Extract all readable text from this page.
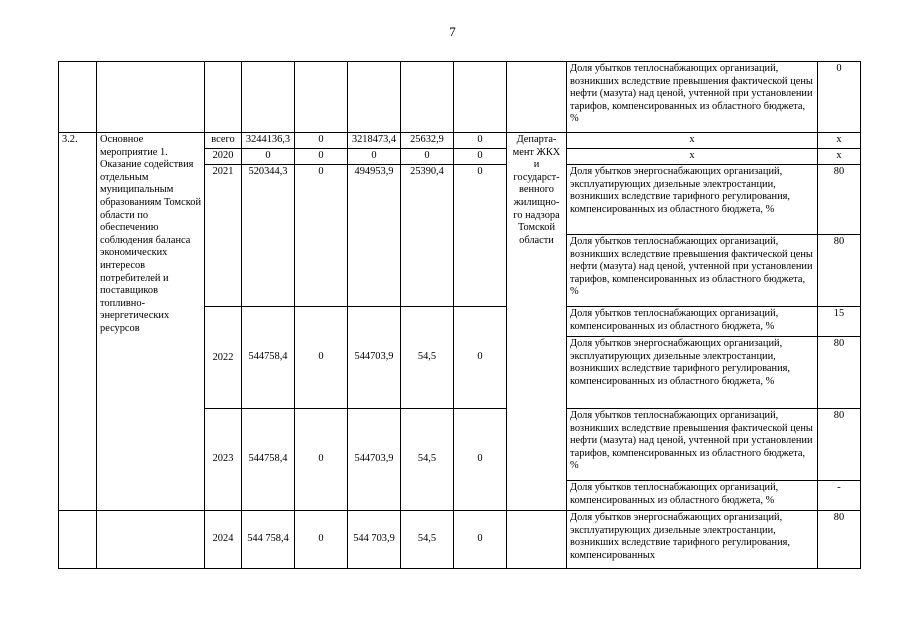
7
									Доля убытков теплоснабжающих организаций, возникших вследствие превышения фактической цены нефти (мазута) над ценой, учтенной при установлении тарифов, компенсированных из областного бюджета, %	0
3.2.	Основное мероприятие 1. Оказание содействия отдельным муниципальным образованиям Томской области по обеспечению соблюдения баланса экономических интересов потребителей и поставщиков топливно-энергетических ресурсов	всего	3244136,3	0	3218473,4	25632,9	0	Департа-мент ЖКХ и государст-венного жилищно-го надзора Томской области	x	x
		2020	0	0	0	0	0		x	x
		2021	520344,3	0	494953,9	25390,4	0		Доля убытков энергоснабжающих организаций, эксплуатирующих дизельные электростанции, возникших вследствие тарифного регулирования, компенсированных из областного бюджета, %	80
									Доля убытков теплоснабжающих организаций, возникших вследствие превышения фактической цены нефти (мазута) над ценой, учтенной при установлении тарифов, компенсированных из областного бюджета, %	80
		2022	544758,4	0	544703,9	54,5	0		Доля убытков теплоснабжающих организаций, компенсированных из областного бюджета, %	15
									Доля убытков энергоснабжающих организаций, эксплуатирующих дизельные электростанции, возникших вследствие тарифного регулирования, компенсированных из областного бюджета, %	80
		2023	544758,4	0	544703,9	54,5	0		Доля убытков теплоснабжающих организаций, возникших вследствие превышения фактической цены нефти (мазута) над ценой, учтенной при установлении тарифов, компенсированных из областного бюджета, %	80
									Доля убытков теплоснабжающих организаций, компенсированных из областного бюджета, %	-
		2024	544 758,4	0	544 703,9	54,5	0		Доля убытков энергоснабжающих организаций, эксплуатирующих дизельные электростанции, возникших вследствие тарифного регулирования, компенсированных	80
